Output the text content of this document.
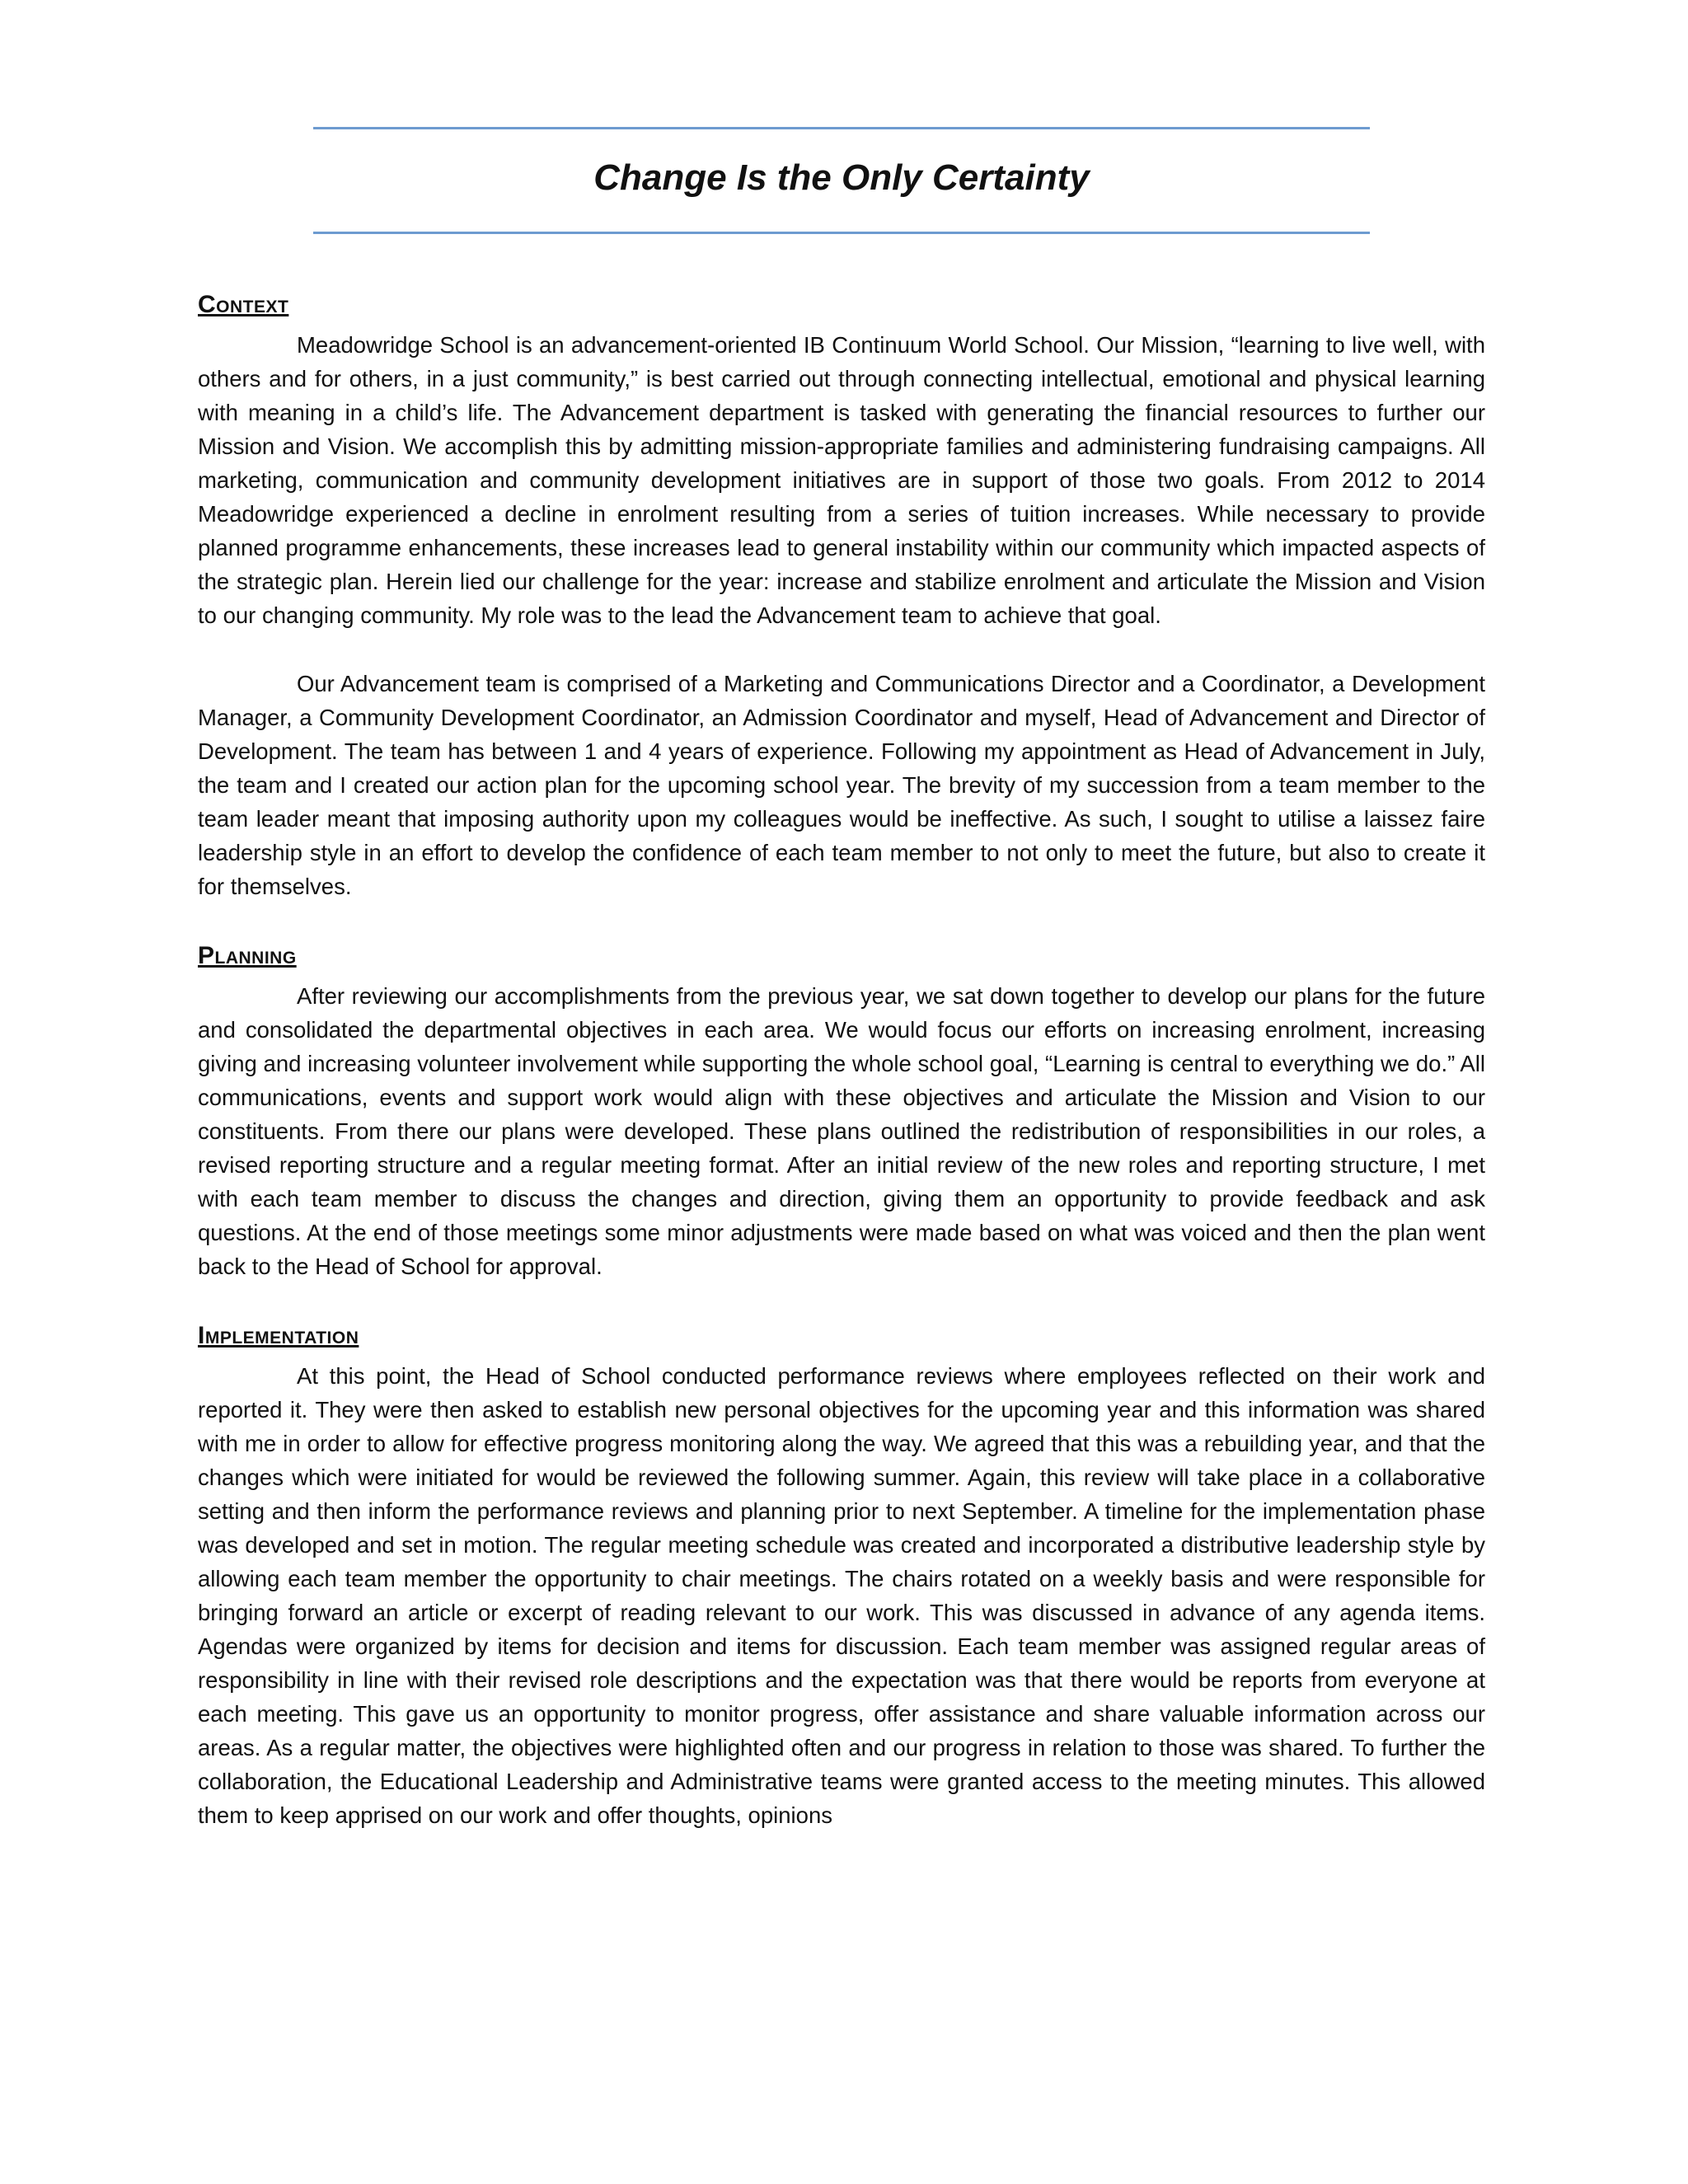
Change Is the Only Certainty
Context

Meadowridge School is an advancement-oriented IB Continuum World School. Our Mission, “learning to live well, with others and for others, in a just community,” is best carried out through connecting intellectual, emotional and physical learning with meaning in a child’s life. The Advancement department is tasked with generating the financial resources to further our Mission and Vision. We accomplish this by admitting mission-appropriate families and administering fundraising campaigns. All marketing, communication and community development initiatives are in support of those two goals. From 2012 to 2014 Meadowridge experienced a decline in enrolment resulting from a series of tuition increases. While necessary to provide planned programme enhancements, these increases lead to general instability within our community which impacted aspects of the strategic plan. Herein lied our challenge for the year: increase and stabilize enrolment and articulate the Mission and Vision to our changing community. My role was to the lead the Advancement team to achieve that goal.

Our Advancement team is comprised of a Marketing and Communications Director and a Coordinator, a Development Manager, a Community Development Coordinator, an Admission Coordinator and myself, Head of Advancement and Director of Development. The team has between 1 and 4 years of experience. Following my appointment as Head of Advancement in July, the team and I created our action plan for the upcoming school year. The brevity of my succession from a team member to the team leader meant that imposing authority upon my colleagues would be ineffective. As such, I sought to utilise a laissez faire leadership style in an effort to develop the confidence of each team member to not only to meet the future, but also to create it for themselves.

Planning

After reviewing our accomplishments from the previous year, we sat down together to develop our plans for the future and consolidated the departmental objectives in each area. We would focus our efforts on increasing enrolment, increasing giving and increasing volunteer involvement while supporting the whole school goal, “Learning is central to everything we do.” All communications, events and support work would align with these objectives and articulate the Mission and Vision to our constituents. From there our plans were developed. These plans outlined the redistribution of responsibilities in our roles, a revised reporting structure and a regular meeting format. After an initial review of the new roles and reporting structure, I met with each team member to discuss the changes and direction, giving them an opportunity to provide feedback and ask questions. At the end of those meetings some minor adjustments were made based on what was voiced and then the plan went back to the Head of School for approval.

Implementation

At this point, the Head of School conducted performance reviews where employees reflected on their work and reported it. They were then asked to establish new personal objectives for the upcoming year and this information was shared with me in order to allow for effective progress monitoring along the way. We agreed that this was a rebuilding year, and that the changes which were initiated for would be reviewed the following summer. Again, this review will take place in a collaborative setting and then inform the performance reviews and planning prior to next September. A timeline for the implementation phase was developed and set in motion. The regular meeting schedule was created and incorporated a distributive leadership style by allowing each team member the opportunity to chair meetings. The chairs rotated on a weekly basis and were responsible for bringing forward an article or excerpt of reading relevant to our work. This was discussed in advance of any agenda items. Agendas were organized by items for decision and items for discussion. Each team member was assigned regular areas of responsibility in line with their revised role descriptions and the expectation was that there would be reports from everyone at each meeting. This gave us an opportunity to monitor progress, offer assistance and share valuable information across our areas. As a regular matter, the objectives were highlighted often and our progress in relation to those was shared. To further the collaboration, the Educational Leadership and Administrative teams were granted access to the meeting minutes. This allowed them to keep apprised on our work and offer thoughts, opinions
